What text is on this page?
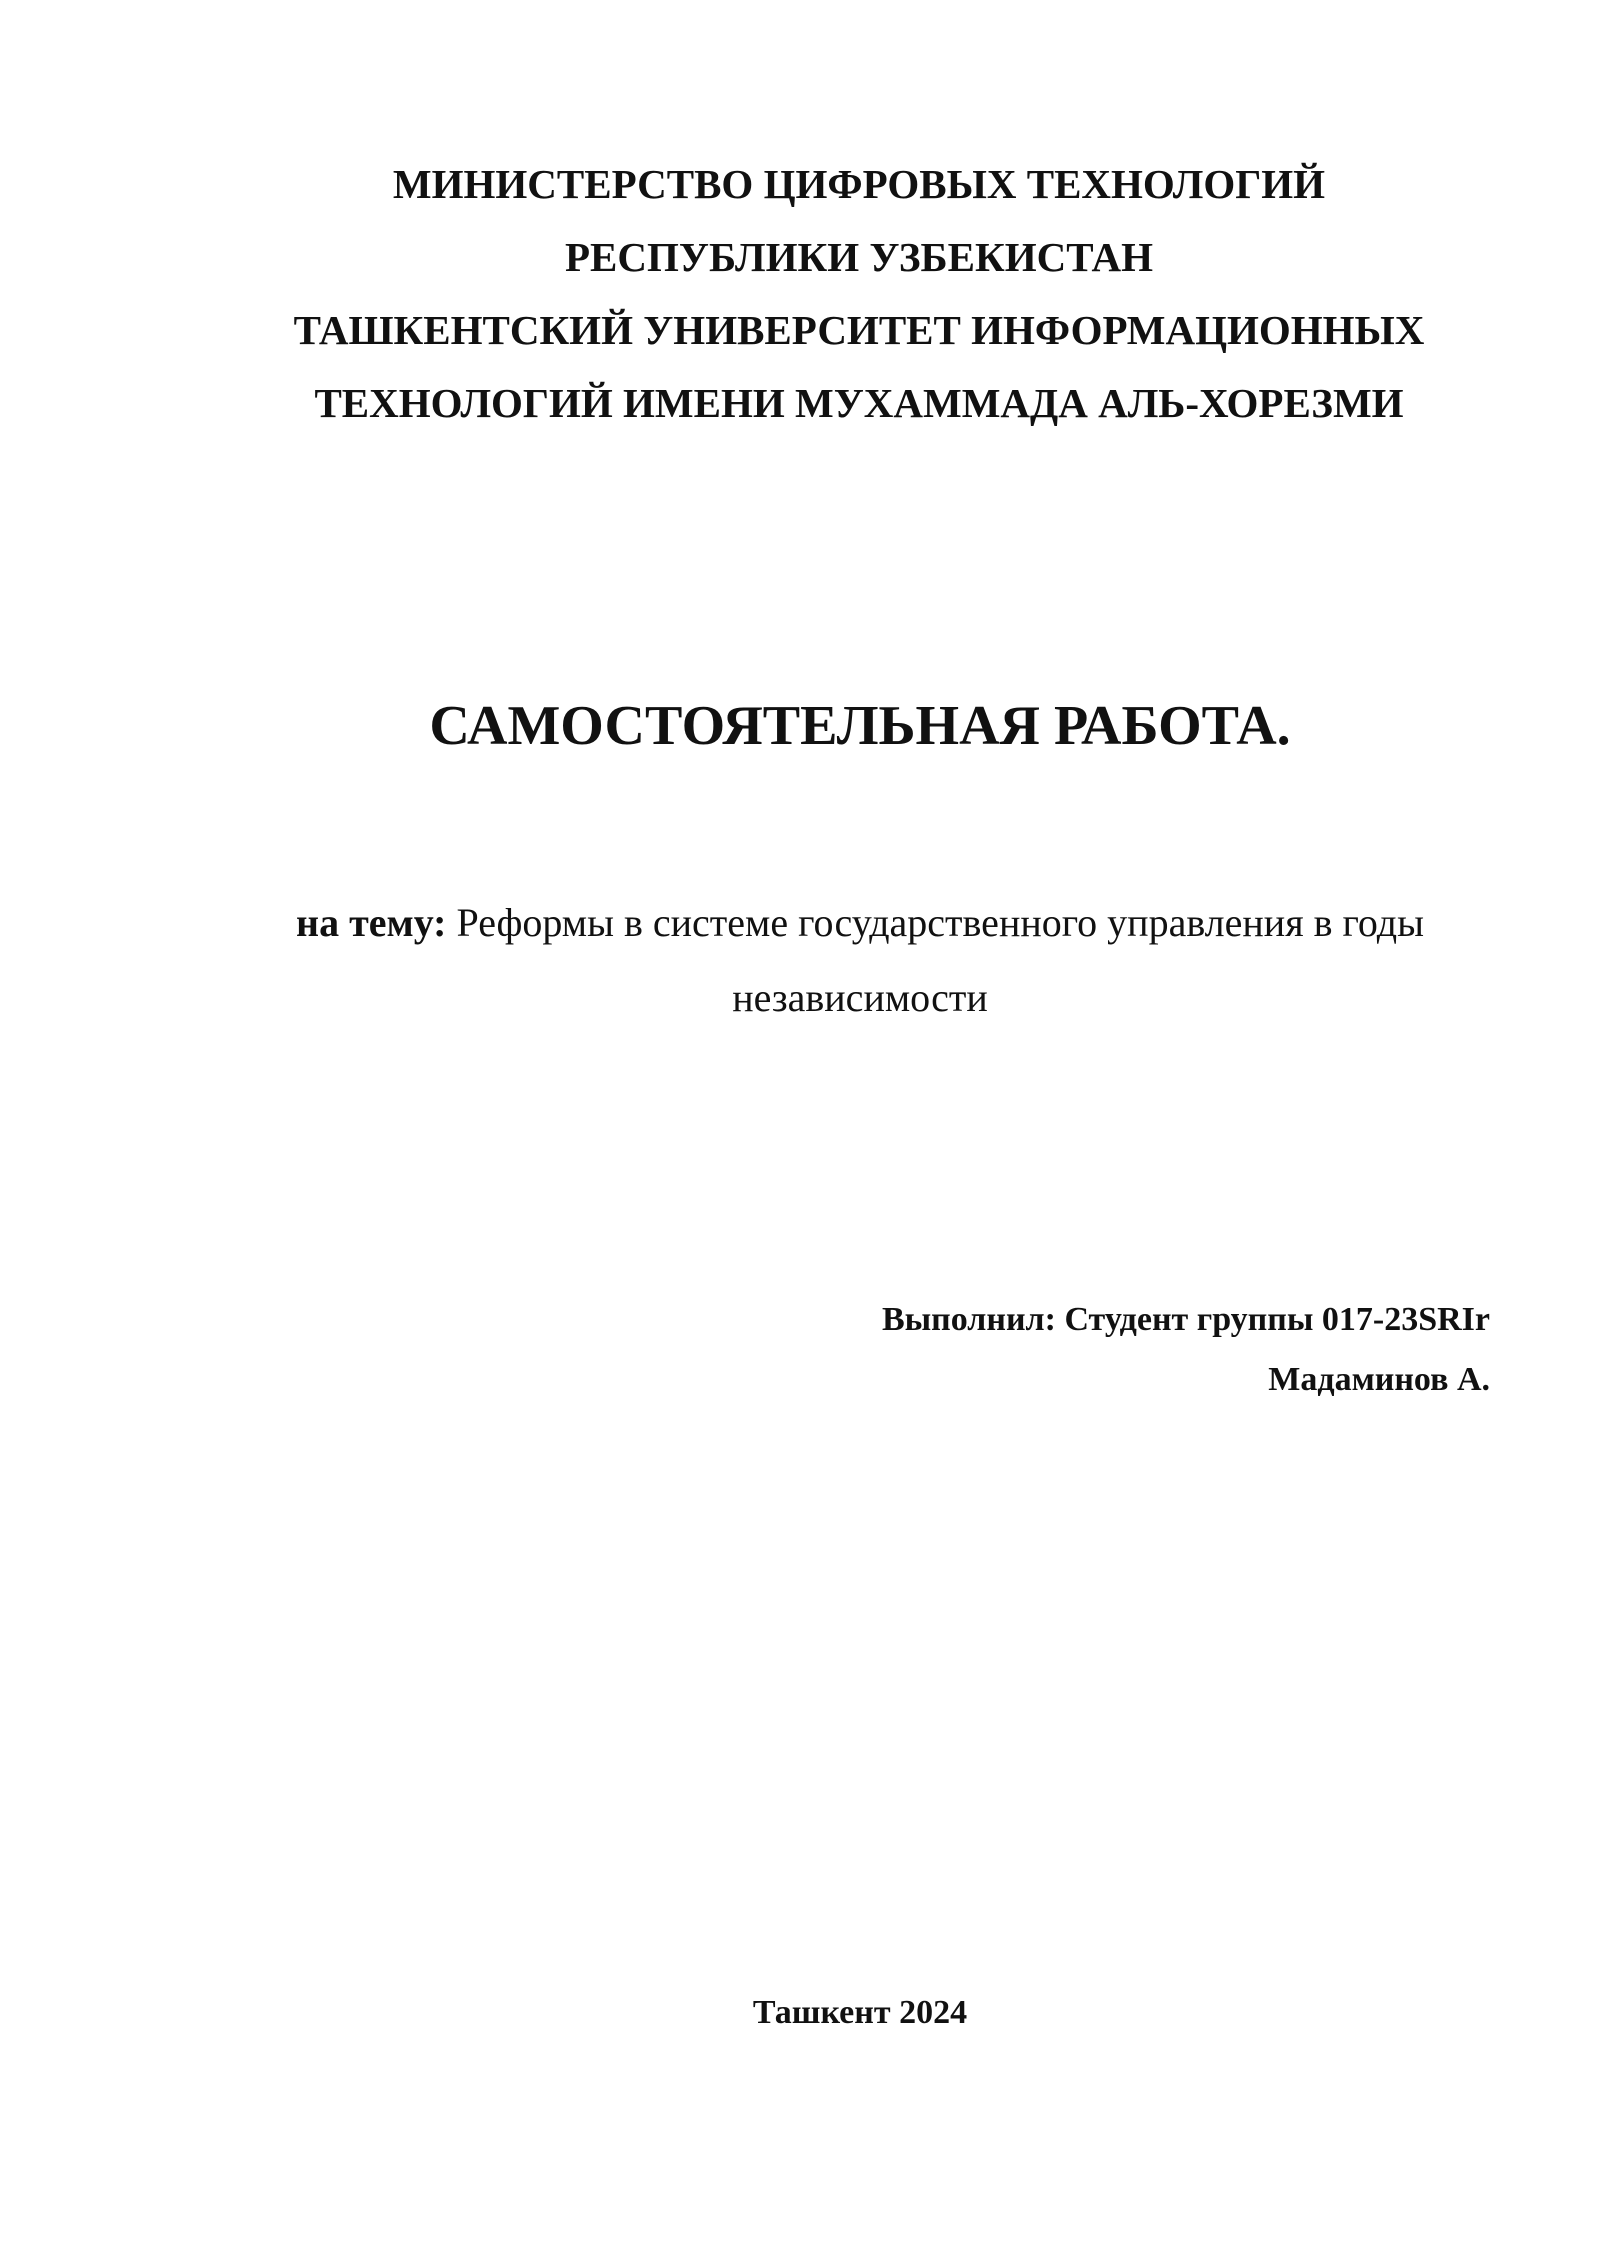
МИНИСТЕРСТВО ЦИФРОВЫХ ТЕХНОЛОГИЙ
РЕСПУБЛИКИ УЗБЕКИСТАН
ТАШКЕНТСКИЙ УНИВЕРСИТЕТ ИНФОРМАЦИОННЫХ
ТЕХНОЛОГИЙ ИМЕНИ МУХАММАДА АЛЬ-ХОРЕЗМИ
САМОСТОЯТЕЛЬНАЯ РАБОТА.
на тему: Реформы в системе государственного управления в годы независимости
Выполнил: Студент группы 017-23SRIr
Мадаминов А.
Ташкент 2024
